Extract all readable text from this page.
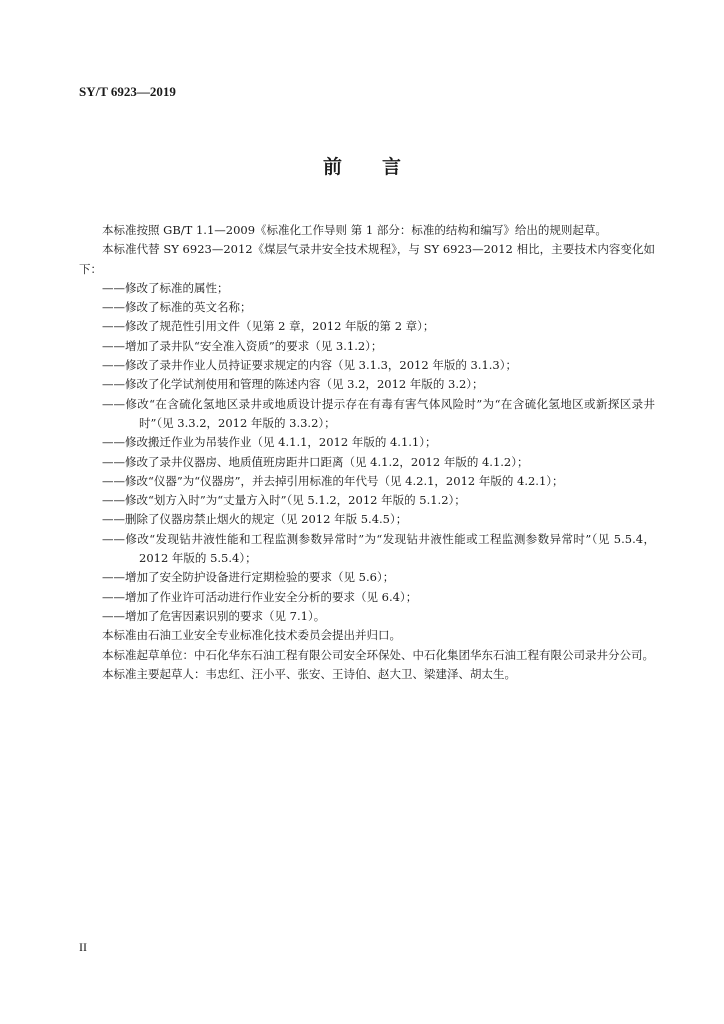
SY/T 6923—2019
前言

本标准按照 GB/T 1.1—2009《标准化工作导则 第 1 部分：标准的结构和编写》给出的规则起草。

本标准代替 SY 6923—2012《煤层气录井安全技术规程》，与 SY 6923—2012 相比，主要技术内容变化如下：

——修改了标准的属性；

——修改了标准的英文名称；

——修改了规范性引用文件（见第 2 章，2012 年版的第 2 章）；

——增加了录井队“安全准入资质”的要求（见 3.1.2）；

——修改了录井作业人员持证要求规定的内容（见 3.1.3，2012 年版的 3.1.3）；

——修改了化学试剂使用和管理的陈述内容（见 3.2，2012 年版的 3.2）；

——修改“在含硫化氢地区录井或地质设计提示存在有毒有害气体风险时”为“在含硫化氢地区或新探区录井时”（见 3.3.2，2012 年版的 3.3.2）；

——修改搬迁作业为吊装作业（见 4.1.1，2012 年版的 4.1.1）；

——修改了录井仪器房、地质值班房距井口距离（见 4.1.2，2012 年版的 4.1.2）；

——修改“仪器”为“仪器房”，并去掉引用标准的年代号（见 4.2.1，2012 年版的 4.2.1）；

——修改“划方入时”为“丈量方入时”（见 5.1.2，2012 年版的 5.1.2）；

——删除了仪器房禁止烟火的规定（见 2012 年版 5.4.5）；

——修改“发现钻井液性能和工程监测参数异常时”为“发现钻井液性能或工程监测参数异常时”（见 5.5.4，2012 年版的 5.5.4）；

——增加了安全防护设备进行定期检验的要求（见 5.6）；

——增加了作业许可活动进行作业安全分析的要求（见 6.4）；

——增加了危害因素识别的要求（见 7.1）。

本标准由石油工业安全专业标准化技术委员会提出并归口。

本标准起草单位：中石化华东石油工程有限公司安全环保处、中石化集团华东石油工程有限公司录井分公司。

本标准主要起草人：韦忠红、汪小平、张安、王诗伯、赵大卫、梁建泽、胡太生。

II
